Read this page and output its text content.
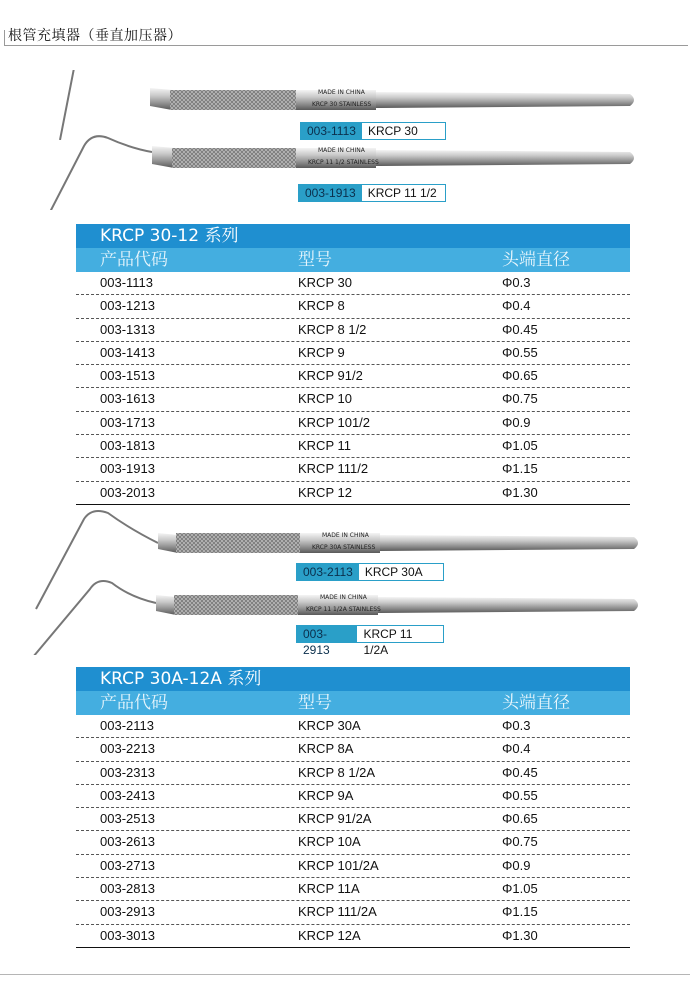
根管充填器（垂直加压器）
MADE IN CHINA
KRCP 30 STAINLESS
003-1113	KRCP 30
MADE IN CHINA
KRCP 11 1/2 STAINLESS
003-1913	KRCP 11 1/2
KRCP 30-12 系列
产品代码	型号	头端直径
003-1113	KRCP 30	Φ0.3
003-1213	KRCP 8	Φ0.4
003-1313	KRCP 8 1/2	Φ0.45
003-1413	KRCP 9	Φ0.55
003-1513	KRCP 91/2	Φ0.65
003-1613	KRCP 10	Φ0.75
003-1713	KRCP 101/2	Φ0.9
003-1813	KRCP 11	Φ1.05
003-1913	KRCP 111/2	Φ1.15
003-2013	KRCP 12	Φ1.30
MADE IN CHINA
KRCP 30A STAINLESS
003-2113	KRCP 30A
MADE IN CHINA
KRCP 11 1/2A STAINLESS
003-2913
KRCP 11 1/2A
KRCP 30A-12A 系列
产品代码	型号	头端直径
003-2113	KRCP 30A	Φ0.3
003-2213	KRCP 8A	Φ0.4
003-2313	KRCP 8 1/2A	Φ0.45
003-2413	KRCP 9A	Φ0.55
003-2513	KRCP 91/2A	Φ0.65
003-2613	KRCP 10A	Φ0.75
003-2713	KRCP 101/2A	Φ0.9
003-2813	KRCP 11A	Φ1.05
003-2913	KRCP 111/2A	Φ1.15
003-3013	KRCP 12A	Φ1.30
